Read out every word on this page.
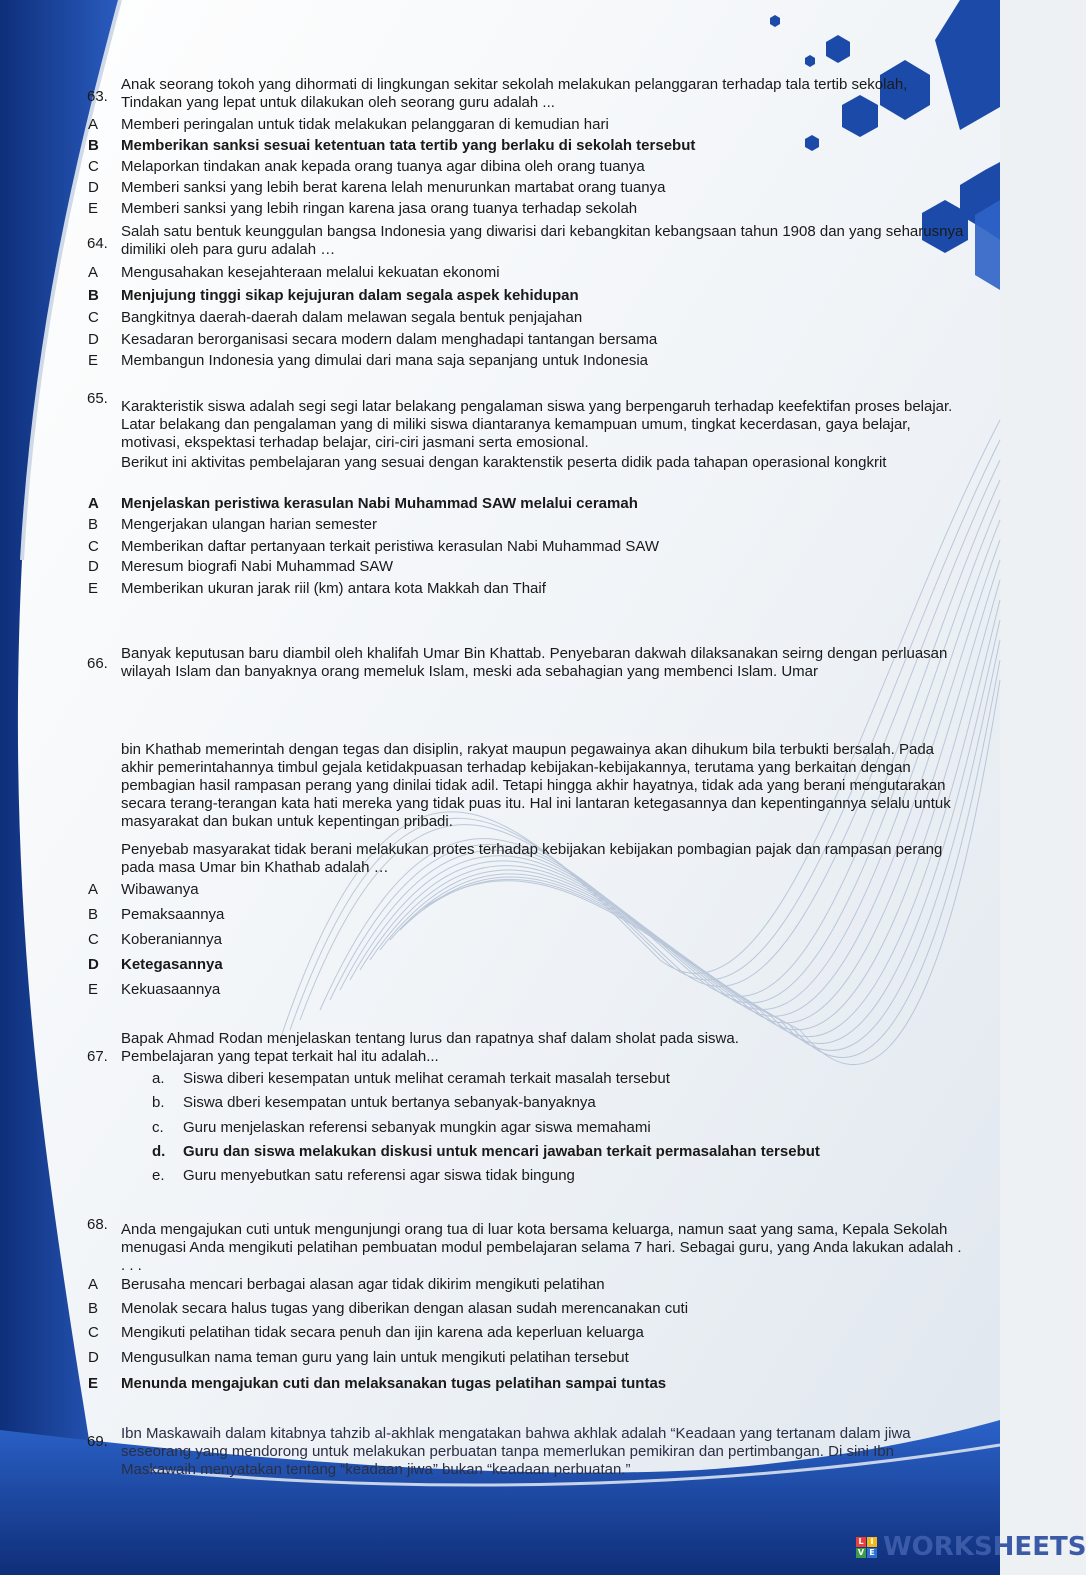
63.
Anak seorang tokoh yang dihormati di lingkungan sekitar sekolah melakukan pelanggaran terhadap tala tertib sekolah, Tindakan yang lepat untuk dilakukan oleh seorang guru adalah ...
A	Memberi peringalan untuk tidak melakukan pelanggaran di kemudian hari
B	Memberikan sanksi sesuai ketentuan tata tertib yang berlaku di sekolah tersebut
C	Melaporkan tindakan anak kepada orang tuanya agar dibina oleh orang tuanya
D	Memberi sanksi yang lebih berat karena lelah menurunkan martabat orang tuanya
E	Memberi sanksi yang lebih ringan karena jasa orang tuanya terhadap sekolah
64.
Salah satu bentuk keunggulan bangsa Indonesia yang diwarisi dari kebangkitan kebangsaan tahun 1908 dan yang seharusnya dimiliki oleh para guru adalah …
A	Mengusahakan kesejahteraan melalui kekuatan ekonomi
B	Menjujung tinggi sikap kejujuran dalam segala aspek kehidupan
C	Bangkitnya daerah-daerah dalam melawan segala bentuk penjajahan
D	Kesadaran berorganisasi secara modern dalam menghadapi tantangan bersama
E	Membangun Indonesia yang dimulai dari mana saja sepanjang untuk Indonesia
65. Karakteristik siswa adalah segi segi latar belakang pengalaman siswa yang berpengaruh terhadap keefektifan proses belajar. Latar belakang dan pengalaman yang di miliki siswa diantaranya kemampuan umum, tingkat kecerdasan, gaya belajar, motivasi, ekspektasi terhadap belajar, ciri-ciri jasmani serta emosional.
Berikut ini aktivitas pembelajaran yang sesuai dengan karaktenstik peserta didik pada tahapan operasional kongkrit
A	Menjelaskan peristiwa kerasulan Nabi Muhammad SAW melalui ceramah
B	Mengerjakan ulangan harian semester
C	Memberikan daftar pertanyaan terkait peristiwa kerasulan Nabi Muhammad SAW
D	Meresum biografi Nabi Muhammad SAW
E	Memberikan ukuran jarak riil (km) antara kota Makkah dan Thaif
66.
Banyak keputusan baru diambil oleh khalifah Umar Bin Khattab. Penyebaran dakwah dilaksanakan seirng dengan perluasan wilayah Islam dan banyaknya orang memeluk Islam, meski ada sebahagian yang membenci Islam. Umar
bin Khathab memerintah dengan tegas dan disiplin, rakyat maupun pegawainya akan dihukum bila terbukti bersalah. Pada akhir pemerintahannya timbul gejala ketidakpuasan terhadap kebijakan-kebijakannya, terutama yang berkaitan dengan pembagian hasil rampasan perang yang dinilai tidak adil. Tetapi hingga akhir hayatnya, tidak ada yang berani mengutarakan secara terang-terangan kata hati mereka yang tidak puas itu. Hal ini lantaran ketegasannya dan kepentingannya selalu untuk masyarakat dan bukan untuk kepentingan pribadi.
Penyebab masyarakat tidak berani melakukan protes terhadap kebijakan kebijakan pombagian pajak dan rampasan perang pada masa Umar bin Khathab adalah …
A	Wibawanya
B	Pemaksaannya
C	Koberaniannya
D	Ketegasannya
E	Kekuasaannya
Bapak Ahmad Rodan menjelaskan tentang lurus dan rapatnya shaf dalam sholat pada siswa.
67. Pembelajaran yang tepat terkait hal itu adalah...
a. Siswa diberi kesempatan untuk melihat ceramah terkait masalah tersebut
b. Siswa dberi kesempatan untuk bertanya sebanyak-banyaknya
c. Guru menjelaskan referensi sebanyak mungkin agar siswa memahami
d. Guru dan siswa melakukan diskusi untuk mencari jawaban terkait permasalahan tersebut
e. Guru menyebutkan satu referensi agar siswa tidak bingung
68. Anda mengajukan cuti untuk mengunjungi orang tua di luar kota bersama keluarga, namun saat yang sama, Kepala Sekolah menugasi Anda mengikuti pelatihan pembuatan modul pembelajaran selama 7 hari. Sebagai guru, yang Anda lakukan adalah . . . .
A	Berusaha mencari berbagai alasan agar tidak dikirim mengikuti pelatihan
B	Menolak secara halus tugas yang diberikan dengan alasan sudah merencanakan cuti
C	Mengikuti pelatihan tidak secara penuh dan ijin karena ada keperluan keluarga
D	Mengusulkan nama teman guru yang lain untuk mengikuti pelatihan tersebut
E	Menunda mengajukan cuti dan melaksanakan tugas pelatihan sampai tuntas
69. Ibn Maskawaih dalam kitabnya tahzib al-akhlak mengatakan bahwa akhlak adalah “Keadaan yang tertanam dalam jiwa seseorang yang mendorong untuk melakukan perbuatan tanpa memerlukan pemikiran dan pertimbangan. Di sini Ibn Maskawaih menyatakan tentang “keadaan jiwa” bukan “keadaan perbuatan.”
L I
V E WORKSHEETS
